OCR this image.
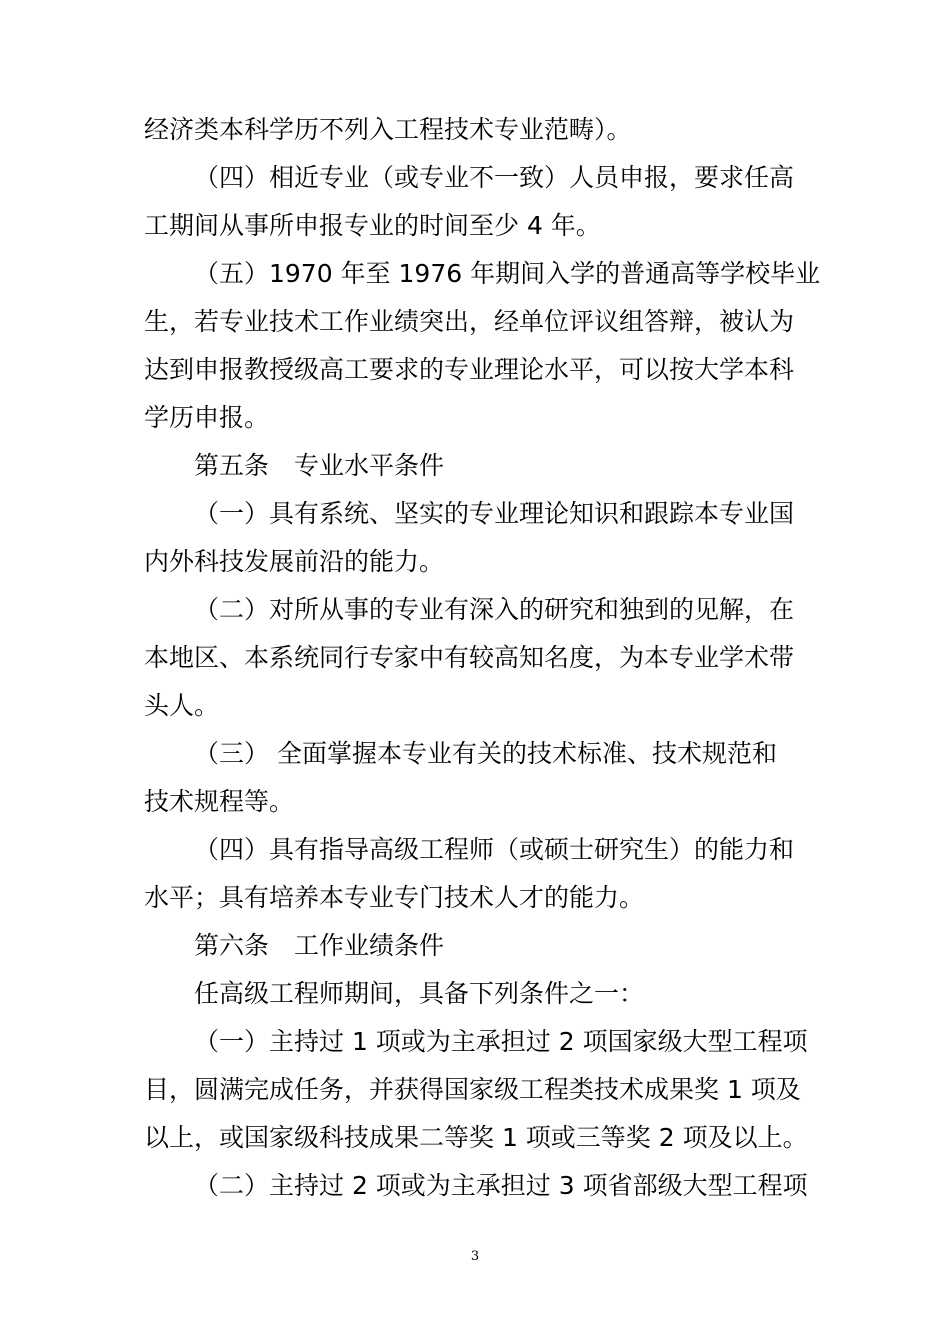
经济类本科学历不列入工程技术专业范畴）。
（四）相近专业（或专业不一致）人员申报，要求任高
工期间从事所申报专业的时间至少 4 年。
（五）1970 年至 1976 年期间入学的普通高等学校毕业
生，若专业技术工作业绩突出，经单位评议组答辩，被认为
达到申报教授级高工要求的专业理论水平，可以按大学本科
学历申报。
第五条　专业水平条件
（一）具有系统、坚实的专业理论知识和跟踪本专业国
内外科技发展前沿的能力。
（二）对所从事的专业有深入的研究和独到的见解，在
本地区、本系统同行专家中有较高知名度，为本专业学术带
头人。
（三） 全面掌握本专业有关的技术标准、技术规范和
技术规程等。
（四）具有指导高级工程师（或硕士研究生）的能力和
水平；具有培养本专业专门技术人才的能力。
第六条　工作业绩条件
任高级工程师期间，具备下列条件之一：
（一）主持过 1 项或为主承担过 2 项国家级大型工程项
目，圆满完成任务，并获得国家级工程类技术成果奖 1 项及
以上，或国家级科技成果二等奖 1 项或三等奖 2 项及以上。
（二）主持过 2 项或为主承担过 3 项省部级大型工程项
3
